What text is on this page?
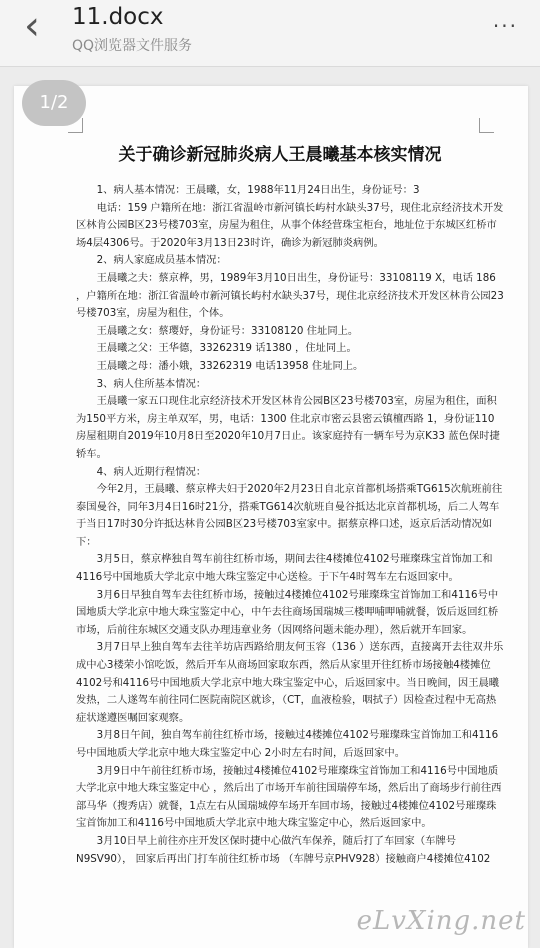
‹ 11.docx
QQ浏览器文件服务
···
1/2
关于确诊新冠肺炎病人王晨曦基本核实情况

1、病人基本情况：王晨曦，女，1988年11月24日出生，身份证号：3

电话：159 户籍所在地：浙江省温岭市新河镇长屿村水缺头37号，现住北京经济技术开发区林肯公园B区23号楼703室，房屋为租住，从事个体经营珠宝柜台，地址位于东城区红桥市场4层4306号。于2020年3月13日23时许，确诊为新冠肺炎病例。

2、病人家庭成员基本情况：

王晨曦之夫：蔡京桦，男，1989年3月10日出生，身份证号：33108119 X，电话 186 ，户籍所在地：浙江省温岭市新河镇长屿村水缺头37号，现住北京经济技术开发区林肯公园23号楼703室，房屋为租住，个体。

王晨曦之女：蔡璎妤，身份证号：33108120 住址同上。

王晨曦之父：王华德，33262319 话1380 ，住址同上。

王晨曦之母：潘小娥，33262319 电话13958 住址同上。

3、病人住所基本情况：

王晨曦一家五口现住北京经济技术开发区林肯公园B区23号楼703室，房屋为租住，面积为150平方米，房主单双军，男，电话：1300 住北京市密云县密云镇檀西路 1，身份证110 房屋租期自2019年10月8日至2020年10月7日止。该家庭持有一辆车号为京K33 蓝色保时捷轿车。

4、病人近期行程情况：

今年2月，王晨曦、蔡京桦夫妇于2020年2月23日自北京首都机场搭乘TG615次航班前往泰国曼谷，同年3月4日16时21分，搭乘TG614次航班自曼谷抵达北京首都机场，后二人驾车于当日17时30分许抵达林肯公园B区23号楼703室家中。据蔡京桦口述，返京后活动情况如下：

3月5日，蔡京桦独自驾车前往红桥市场，期间去往4楼摊位4102号璀璨珠宝首饰加工和4116号中国地质大学北京中地大珠宝鉴定中心送检。于下午4时驾车左右返回家中。

3月6日早独自驾车去往红桥市场，接触过4楼摊位4102号璀璨珠宝首饰加工和4116号中国地质大学北京中地大珠宝鉴定中心，中午去往商场国瑞城三楼呷哺呷哺就餐，饭后返回红桥市场，后前往东城区交通支队办理违章业务（因网络问题未能办理），然后就开车回家。

3月7日早上独自驾车去往羊坊店西路给朋友何玉容（136 ）送东西，直接离开去往双井乐成中心3楼荣小馆吃饭，然后开车从商场回家取东西，然后从家里开往红桥市场接触4楼摊位4102号和4116号中国地质大学北京中地大珠宝鉴定中心，后返回家中。当日晚间，因王晨曦发热，二人遂驾车前往同仁医院南院区就诊，（CT，血液检验，咽拭子）因检查过程中无高热症状遂遵医嘱回家观察。

3月8日午间，独自驾车前往红桥市场，接触过4楼摊位4102号璀璨珠宝首饰加工和4116号中国地质大学北京中地大珠宝鉴定中心 2小时左右时间，后返回家中。

3月9日中午前往红桥市场，接触过4楼摊位4102号璀璨珠宝首饰加工和4116号中国地质大学北京中地大珠宝鉴定中心 ，然后出了市场开车前往国瑞停车场，然后出了商场步行前往西部马华（搜秀店）就餐，1点左右从国瑞城停车场开车回市场，接触过4楼摊位4102号璀璨珠宝首饰加工和4116号中国地质大学北京中地大珠宝鉴定中心，然后返回家中。

3月10日早上前往亦庄开发区保时捷中心做汽车保养，随后打了车回家（车牌号N9SV90）， 回家后再出门打车前往红桥市场 （车牌号京PHV928）接触商户4楼摊位4102

eLvXing.net
